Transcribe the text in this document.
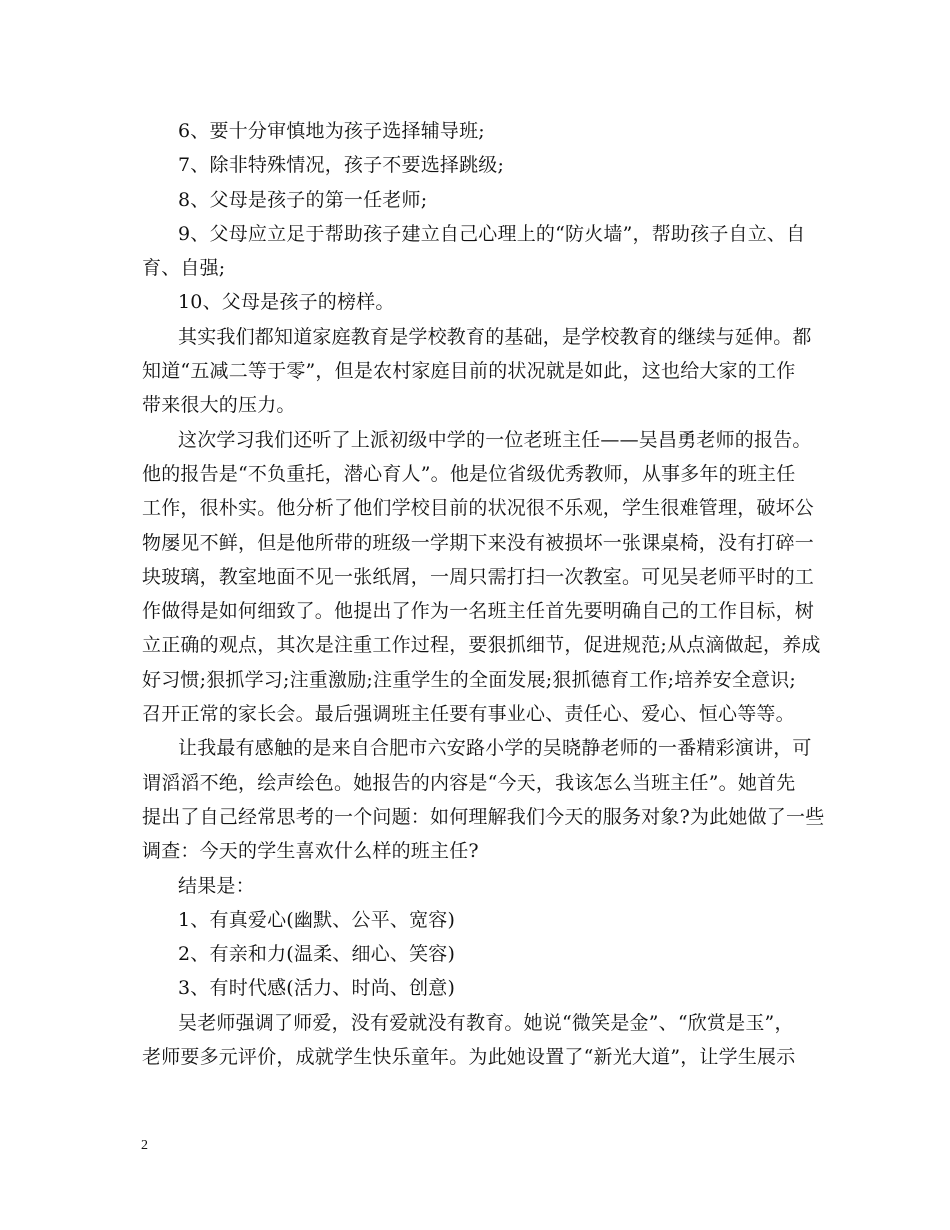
6、要十分审慎地为孩子选择辅导班;
7、除非特殊情况，孩子不要选择跳级;
8、父母是孩子的第一任老师;
9、父母应立足于帮助孩子建立自己心理上的“防火墙”，帮助孩子自立、自
育、自强;
10、父母是孩子的榜样。
其实我们都知道家庭教育是学校教育的基础，是学校教育的继续与延伸。都
知道“五减二等于零”，但是农村家庭目前的状况就是如此，这也给大家的工作
带来很大的压力。
这次学习我们还听了上派初级中学的一位老班主任——吴昌勇老师的报告。
他的报告是“不负重托，潜心育人”。他是位省级优秀教师，从事多年的班主任
工作，很朴实。他分析了他们学校目前的状况很不乐观，学生很难管理，破坏公
物屡见不鲜，但是他所带的班级一学期下来没有被损坏一张课桌椅，没有打碎一
块玻璃，教室地面不见一张纸屑，一周只需打扫一次教室。可见吴老师平时的工
作做得是如何细致了。他提出了作为一名班主任首先要明确自己的工作目标，树
立正确的观点，其次是注重工作过程，要狠抓细节，促进规范;从点滴做起，养成
好习惯;狠抓学习;注重激励;注重学生的全面发展;狠抓德育工作;培养安全意识;
召开正常的家长会。最后强调班主任要有事业心、责任心、爱心、恒心等等。
让我最有感触的是来自合肥市六安路小学的吴晓静老师的一番精彩演讲，可
谓滔滔不绝，绘声绘色。她报告的内容是“今天，我该怎么当班主任”。她首先
提出了自己经常思考的一个问题：如何理解我们今天的服务对象?为此她做了一些
调查：今天的学生喜欢什么样的班主任?
结果是：
1、有真爱心(幽默、公平、宽容)
2、有亲和力(温柔、细心、笑容)
3、有时代感(活力、时尚、创意)
吴老师强调了师爱，没有爱就没有教育。她说“微笑是金”、“欣赏是玉”，
老师要多元评价，成就学生快乐童年。为此她设置了“新光大道”，让学生展示
2
